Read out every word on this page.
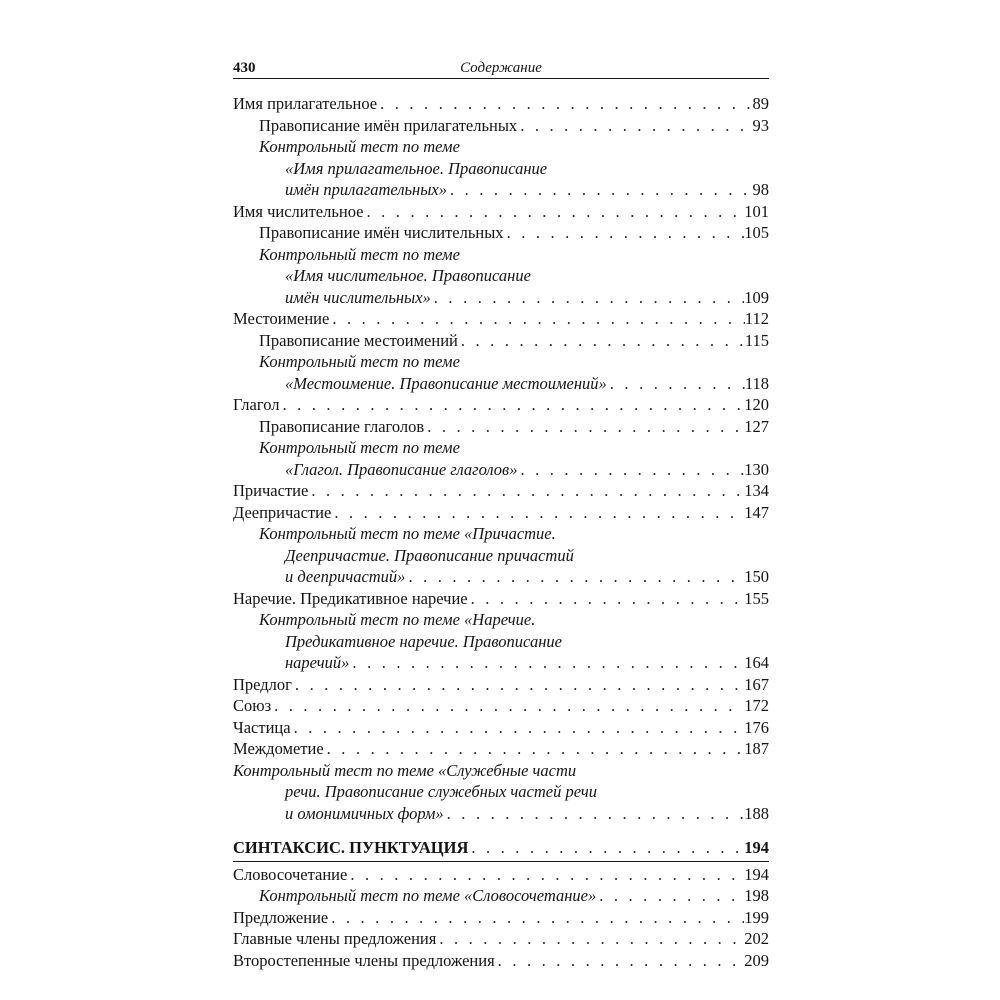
430	Содержание
Имя прилагательное . . .	89
Правописание имён прилагательных . . .	93
Контрольный тест по теме
«Имя прилагательное. Правописание
имён прилагательных» . . .	98
Имя числительное . . .	101
Правописание имён числительных . . .	105
Контрольный тест по теме
«Имя числительное. Правописание
имён числительных» . . .	109
Местоимение . . .	112
Правописание местоимений . . .	115
Контрольный тест по теме
«Местоимение. Правописание местоимений» . . .	118
Глагол . . .	120
Правописание глаголов . . .	127
Контрольный тест по теме
«Глагол. Правописание глаголов» . . .	130
Причастие . . .	134
Деепричастие . . .	147
Контрольный тест по теме «Причастие.
Деепричастие. Правописание причастий
и деепричастий» . . .	150
Наречие. Предикативное наречие . . .	155
Контрольный тест по теме «Наречие.
Предикативное наречие. Правописание
наречий» . . .	164
Предлог . . .	167
Союз . . .	172
Частица . . .	176
Междометие . . .	187
Контрольный тест по теме «Служебные части
речи. Правописание служебных частей речи
и омонимичных форм» . . .	188
СИНТАКСИС. ПУНКТУАЦИЯ . . .	194
Словосочетание . . .	194
Контрольный тест по теме «Словосочетание» . . .	198
Предложение . . .	199
Главные члены предложения . . .	202
Второстепенные члены предложения . . .	209
